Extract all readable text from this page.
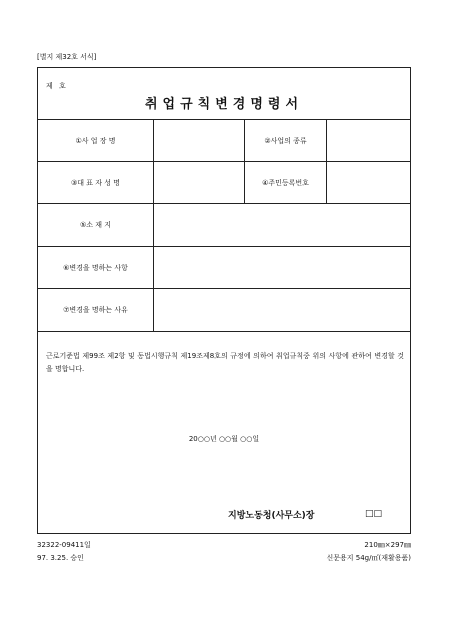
[별지 제32호 서식]
제 호
취업규칙변경명령서
①사 업 장 명	②사업의 종류
③대 표 자 성 명	④주민등록번호
⑤소 재 지
⑥변경을 명하는 사항
⑦변경을 명하는 사유
근로기준법 제99조 제2항 및 동법시행규칙 제19조제8호의 규정에 의하여 취업규칙중 위의 사항에 관하여 변경할 것을 명합니다.
20○○년 ○○월 ○○일
지방노동청(사무소)장	□□
32322-09411일
97. 3.25. 승인
210㎜×297㎜
신문용지 54g/㎡(재활용품)
